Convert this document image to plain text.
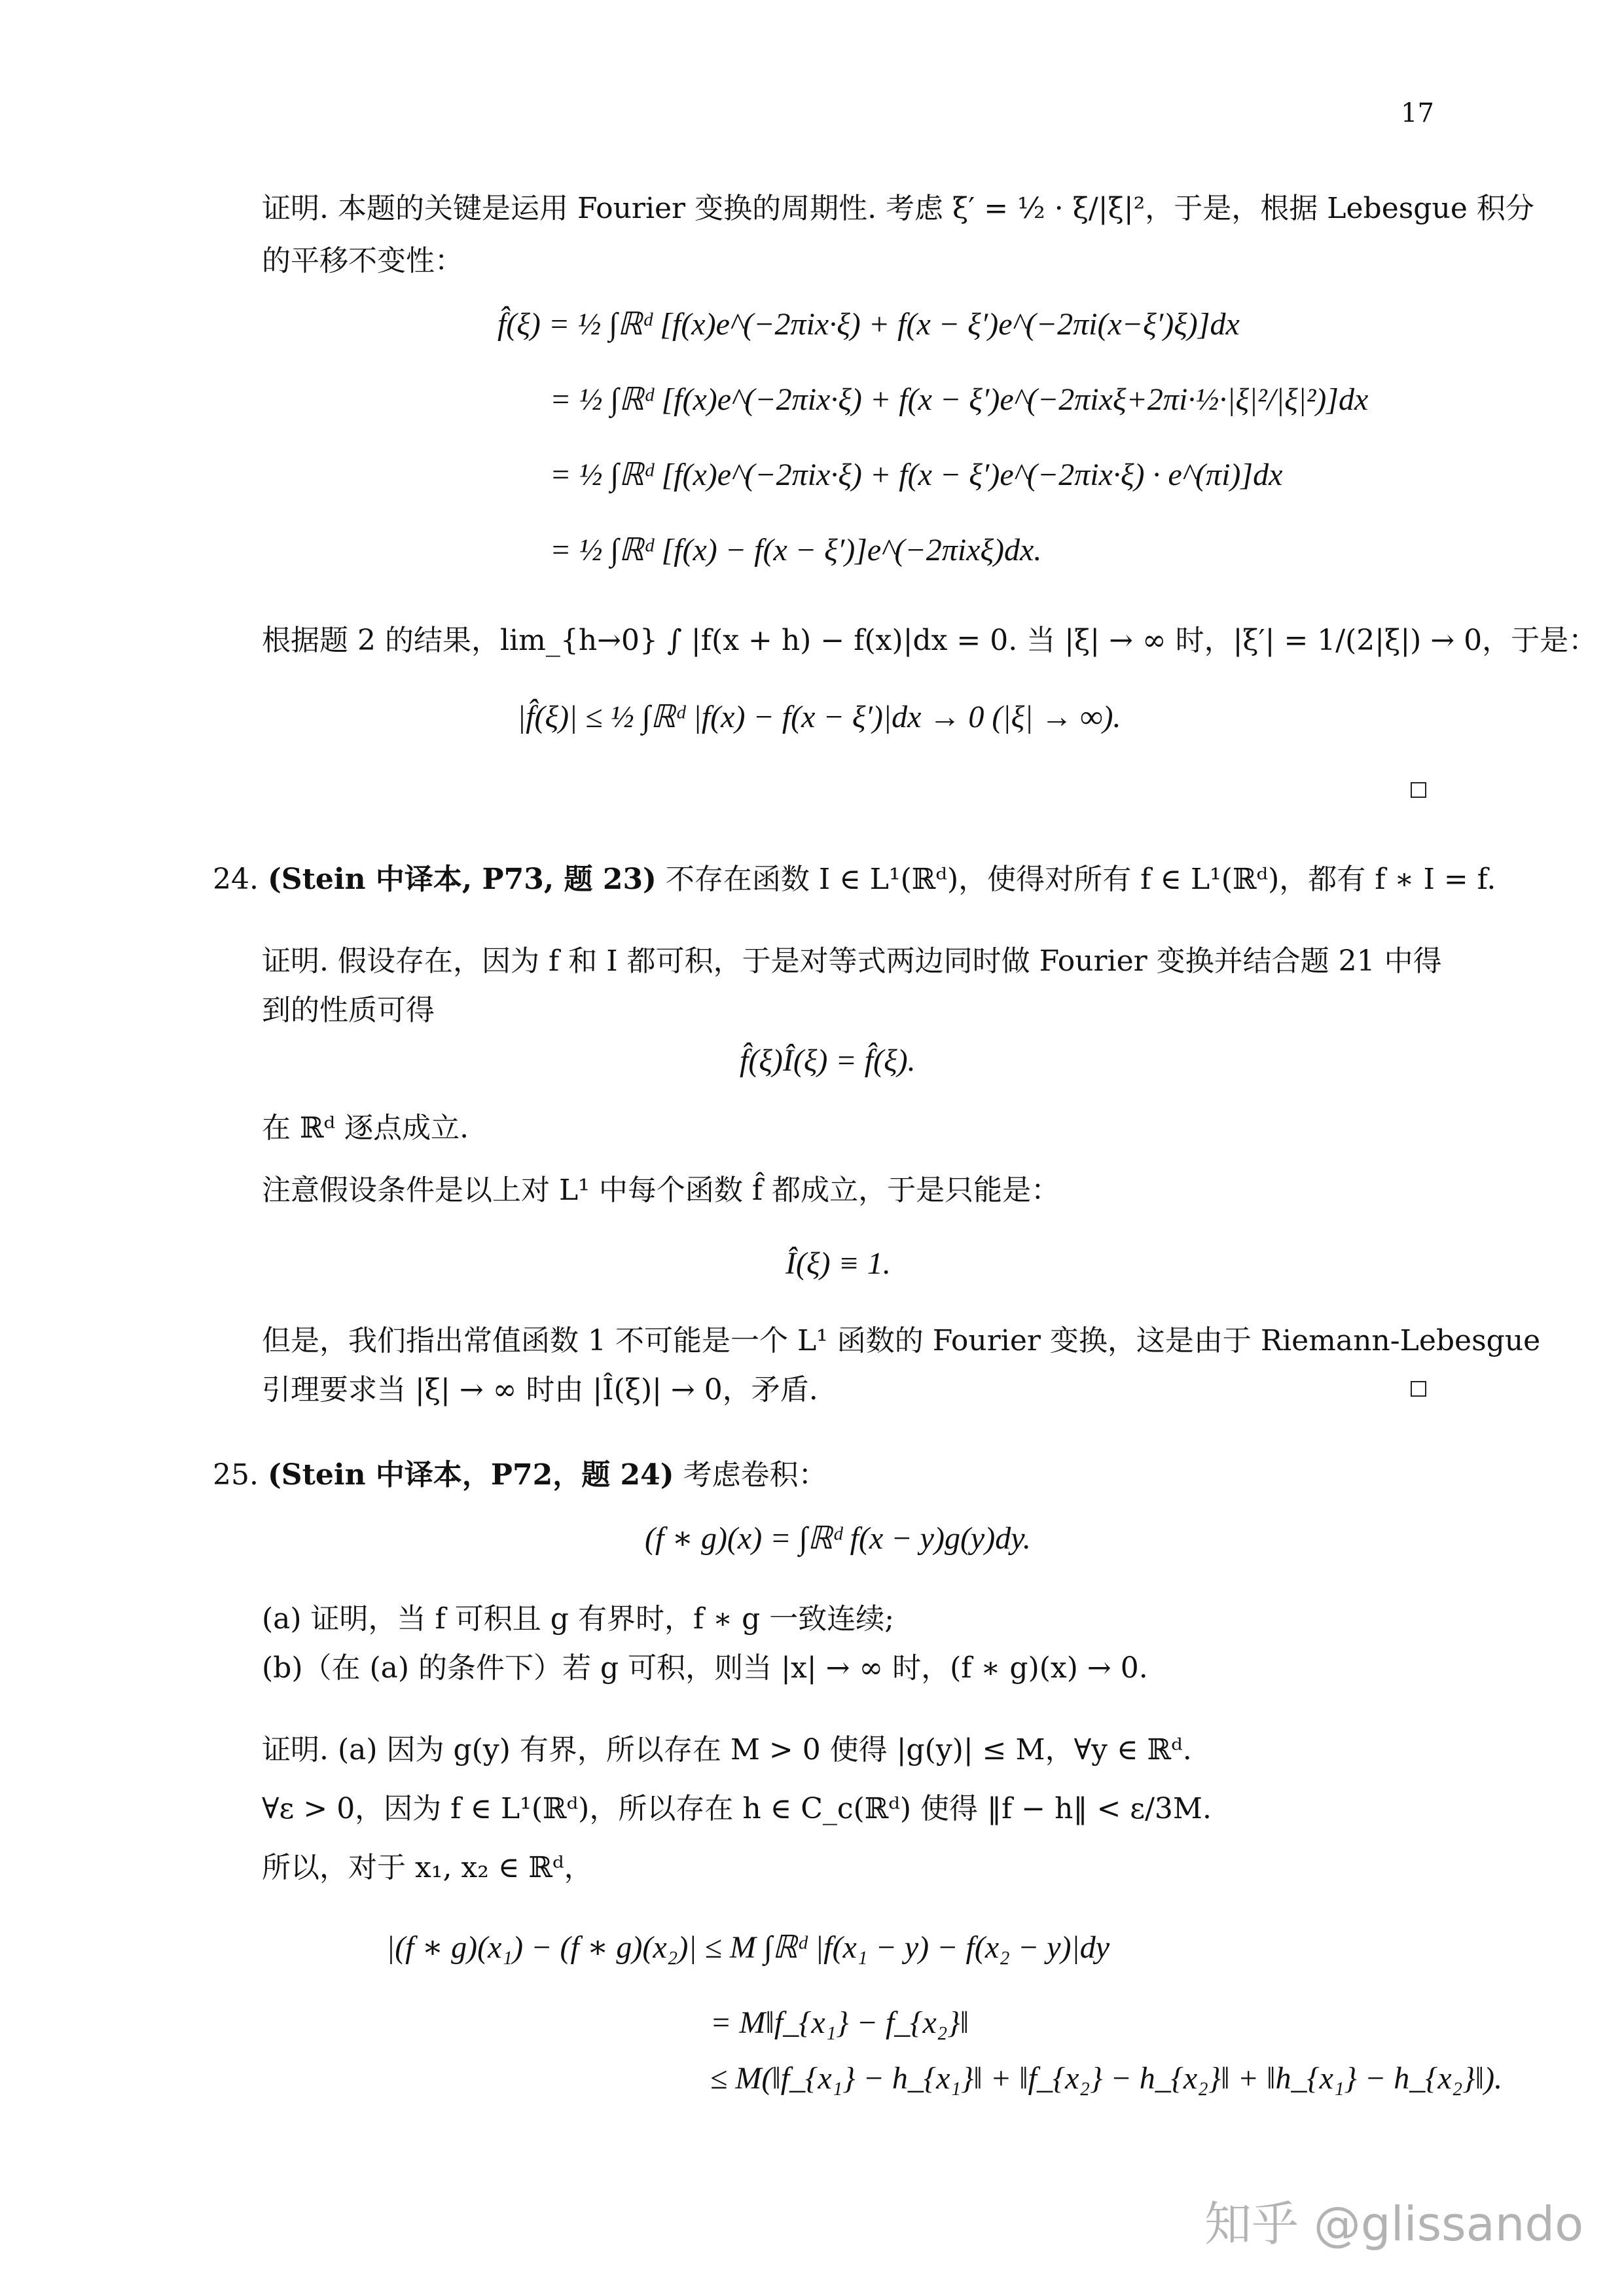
17
证明. 本题的关键是运用 Fourier 变换的周期性. 考虑 ξ′ = ½ · ξ/|ξ|²，于是，根据 Lebesgue 积分
的平移不变性：
f̂(ξ) = ½ ∫ℝᵈ [f(x)e^(−2πix·ξ) + f(x − ξ′)e^(−2πi(x−ξ′)ξ)]dx
= ½ ∫ℝᵈ [f(x)e^(−2πix·ξ) + f(x − ξ′)e^(−2πixξ+2πi·½·|ξ|²/|ξ|²)]dx
= ½ ∫ℝᵈ [f(x)e^(−2πix·ξ) + f(x − ξ′)e^(−2πix·ξ) · e^(πi)]dx
= ½ ∫ℝᵈ [f(x) − f(x − ξ′)]e^(−2πixξ)dx.
根据题 2 的结果，lim_{h→0} ∫ |f(x + h) − f(x)|dx = 0. 当 |ξ| → ∞ 时，|ξ′| = 1/(2|ξ|) → 0，于是：
|f̂(ξ)| ≤ ½ ∫ℝᵈ |f(x) − f(x − ξ′)|dx → 0 (|ξ| → ∞).
24. (Stein 中译本, P73, 题 23) 不存在函数 I ∈ L¹(ℝᵈ)，使得对所有 f ∈ L¹(ℝᵈ)，都有 f ∗ I = f.
证明. 假设存在，因为 f 和 I 都可积，于是对等式两边同时做 Fourier 变换并结合题 21 中得
到的性质可得
f̂(ξ)Î(ξ) = f̂(ξ).
在 ℝᵈ 逐点成立.
注意假设条件是以上对 L¹ 中每个函数 f̂ 都成立，于是只能是：
Î(ξ) ≡ 1.
但是，我们指出常值函数 1 不可能是一个 L¹ 函数的 Fourier 变换，这是由于 Riemann-Lebesgue
引理要求当 |ξ| → ∞ 时由 |Î(ξ)| → 0，矛盾.
25. (Stein 中译本，P72，题 24) 考虑卷积：
(f ∗ g)(x) = ∫ℝᵈ f(x − y)g(y)dy.
(a) 证明，当 f 可积且 g 有界时，f ∗ g 一致连续;
(b)（在 (a) 的条件下）若 g 可积，则当 |x| → ∞ 时，(f ∗ g)(x) → 0.
证明. (a) 因为 g(y) 有界，所以存在 M > 0 使得 |g(y)| ≤ M，∀y ∈ ℝᵈ.
∀ε > 0，因为 f ∈ L¹(ℝᵈ)，所以存在 h ∈ C_c(ℝᵈ) 使得 ‖f − h‖ < ε/3M.
所以，对于 x₁, x₂ ∈ ℝᵈ，
|(f ∗ g)(x₁) − (f ∗ g)(x₂)| ≤ M ∫ℝᵈ |f(x₁ − y) − f(x₂ − y)|dy
= M‖f_{x₁} − f_{x₂}‖
≤ M(‖f_{x₁} − h_{x₁}‖ + ‖f_{x₂} − h_{x₂}‖ + ‖h_{x₁} − h_{x₂}‖).
知乎 @glissando
